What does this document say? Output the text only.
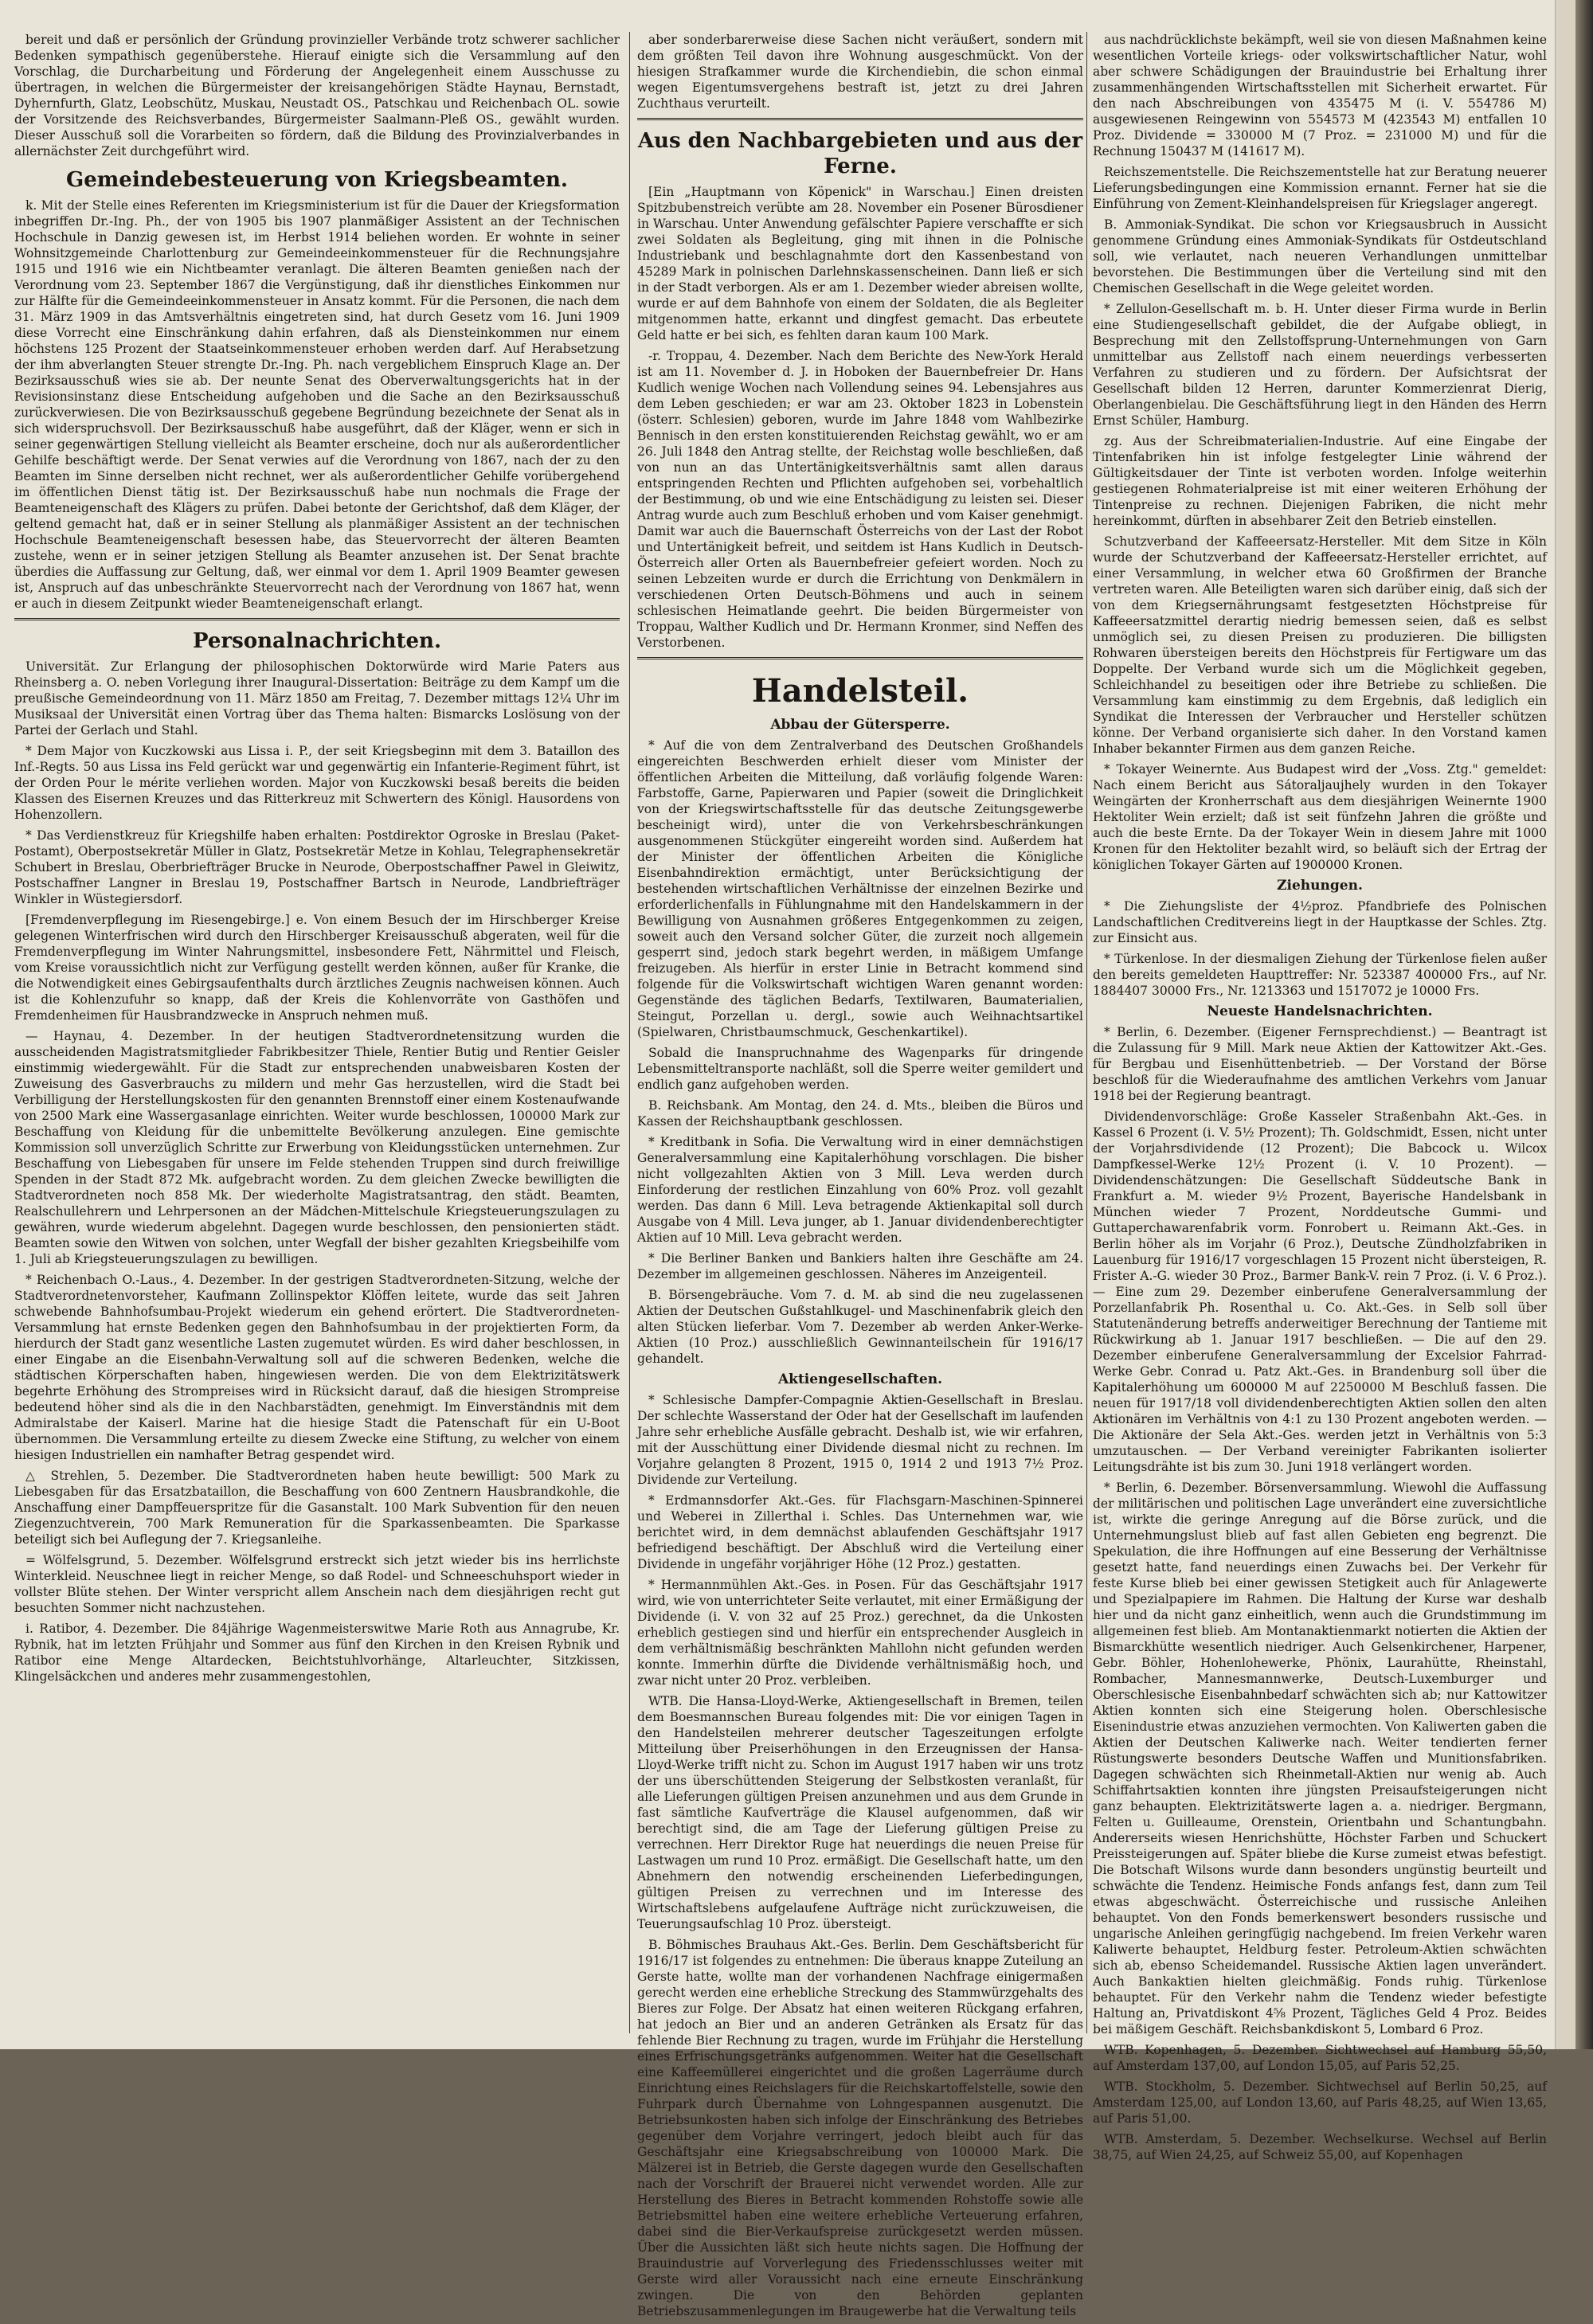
bereit und daß er persönlich der Gründung provinzieller Verbände trotz schwerer sachlicher Bedenken sympathisch gegenüberstehe. Hierauf einigte sich die Versammlung auf den Vorschlag, die Durcharbeitung und Förderung der Angelegenheit einem Ausschusse zu übertragen, in welchen die Bürgermeister der kreisangehörigen Städte Haynau, Bernstadt, Dyhernfurth, Glatz, Leobschütz, Muskau, Neustadt OS., Patschkau und Reichenbach OL. sowie der Vorsitzende des Reichsverbandes, Bürgermeister Saalmann-Pleß OS., gewählt wurden. Dieser Ausschuß soll die Vorarbeiten so fördern, daß die Bildung des Provinzialverbandes in allernächster Zeit durchgeführt wird.

Gemeindebesteuerung von Kriegsbeamten.

k. Mit der Stelle eines Referenten im Kriegsministerium ist für die Dauer der Kriegsformation inbegriffen Dr.-Ing. Ph., der von 1905 bis 1907 planmäßiger Assistent an der Technischen Hochschule in Danzig gewesen ist, im Herbst 1914 beliehen worden. Er wohnte in seiner Wohnsitzgemeinde Charlottenburg zur Gemeindeeinkommensteuer für die Rechnungsjahre 1915 und 1916 wie ein Nichtbeamter veranlagt. Die älteren Beamten genießen nach der Verordnung vom 23. September 1867 die Vergünstigung, daß ihr dienstliches Einkommen nur zur Hälfte für die Gemeindeeinkommensteuer in Ansatz kommt. Für die Personen, die nach dem 31. März 1909 in das Amtsverhältnis eingetreten sind, hat durch Gesetz vom 16. Juni 1909 diese Vorrecht eine Einschränkung dahin erfahren, daß als Diensteinkommen nur einem höchstens 125 Prozent der Staatseinkommensteuer erhoben werden darf. Auf Herabsetzung der ihm abverlangten Steuer strengte Dr.-Ing. Ph. nach vergeblichem Einspruch Klage an. Der Bezirksausschuß wies sie ab. Der neunte Senat des Oberverwaltungsgerichts hat in der Revisionsinstanz diese Entscheidung aufgehoben und die Sache an den Bezirksausschuß zurückverwiesen. Die von Bezirksausschuß gegebene Begründung bezeichnete der Senat als in sich widerspruchsvoll. Der Bezirksausschuß habe ausgeführt, daß der Kläger, wenn er sich in seiner gegenwärtigen Stellung vielleicht als Beamter erscheine, doch nur als außerordentlicher Gehilfe beschäftigt werde. Der Senat verwies auf die Verordnung von 1867, nach der zu den Beamten im Sinne derselben nicht rechnet, wer als außerordentlicher Gehilfe vorübergehend im öffentlichen Dienst tätig ist. Der Bezirksausschuß habe nun nochmals die Frage der Beamteneigenschaft des Klägers zu prüfen. Dabei betonte der Gerichtshof, daß dem Kläger, der geltend gemacht hat, daß er in seiner Stellung als planmäßiger Assistent an der technischen Hochschule Beamteneigenschaft besessen habe, das Steuervorrecht der älteren Beamten zustehe, wenn er in seiner jetzigen Stellung als Beamter anzusehen ist. Der Senat brachte überdies die Auffassung zur Geltung, daß, wer einmal vor dem 1. April 1909 Beamter gewesen ist, Anspruch auf das unbeschränkte Steuervorrecht nach der Verordnung von 1867 hat, wenn er auch in diesem Zeitpunkt wieder Beamteneigenschaft erlangt.

Personalnachrichten.

Universität. Zur Erlangung der philosophischen Doktorwürde wird Marie Paters aus Rheinsberg a. O. neben Vorlegung ihrer Inaugural-Dissertation: Beiträge zu dem Kampf um die preußische Gemeindeordnung von 11. März 1850 am Freitag, 7. Dezember mittags 12¼ Uhr im Musiksaal der Universität einen Vortrag über das Thema halten: Bismarcks Loslösung von der Partei der Gerlach und Stahl.

* Dem Major von Kuczkowski aus Lissa i. P., der seit Kriegsbeginn mit dem 3. Bataillon des Inf.-Regts. 50 aus Lissa ins Feld gerückt war und gegenwärtig ein Infanterie-Regiment führt, ist der Orden Pour le mérite verliehen worden. Major von Kuczkowski besaß bereits die beiden Klassen des Eisernen Kreuzes und das Ritterkreuz mit Schwertern des Königl. Hausordens von Hohenzollern.

* Das Verdienstkreuz für Kriegshilfe haben erhalten: Postdirektor Ogroske in Breslau (Paket-Postamt), Oberpostsekretär Müller in Glatz, Postsekretär Metze in Kohlau, Telegraphensekretär Schubert in Breslau, Oberbriefträger Brucke in Neurode, Oberpostschaffner Pawel in Gleiwitz, Postschaffner Langner in Breslau 19, Postschaffner Bartsch in Neurode, Landbriefträger Winkler in Wüstegiersdorf.

[Fremdenverpflegung im Riesengebirge.] e. Von einem Besuch der im Hirschberger Kreise gelegenen Winterfrischen wird durch den Hirschberger Kreisausschuß abgeraten, weil für die Fremdenverpflegung im Winter Nahrungsmittel, insbesondere Fett, Nährmittel und Fleisch, vom Kreise voraussichtlich nicht zur Verfügung gestellt werden können, außer für Kranke, die die Notwendigkeit eines Gebirgsaufenthalts durch ärztliches Zeugnis nachweisen können. Auch ist die Kohlenzufuhr so knapp, daß der Kreis die Kohlenvorräte von Gasthöfen und Fremdenheimen für Hausbrandzwecke in Anspruch nehmen muß.

— Haynau, 4. Dezember. In der heutigen Stadtverordnetensitzung wurden die ausscheidenden Magistratsmitglieder Fabrikbesitzer Thiele, Rentier Butig und Rentier Geisler einstimmig wiedergewählt. Für die Stadt zur entsprechenden unabweisbaren Kosten der Zuweisung des Gasverbrauchs zu mildern und mehr Gas herzustellen, wird die Stadt bei Verbilligung der Herstellungskosten für den genannten Brennstoff einer einem Kostenaufwande von 2500 Mark eine Wassergasanlage einrichten. Weiter wurde beschlossen, 100000 Mark zur Beschaffung von Kleidung für die unbemittelte Bevölkerung anzulegen. Eine gemischte Kommission soll unverzüglich Schritte zur Erwerbung von Kleidungsstücken unternehmen. Zur Beschaffung von Liebesgaben für unsere im Felde stehenden Truppen sind durch freiwillige Spenden in der Stadt 872 Mk. aufgebracht worden. Zu dem gleichen Zwecke bewilligten die Stadtverordneten noch 858 Mk. Der wiederholte Magistratsantrag, den städt. Beamten, Realschullehrern und Lehrpersonen an der Mädchen-Mittelschule Kriegsteuerungszulagen zu gewähren, wurde wiederum abgelehnt. Dagegen wurde beschlossen, den pensionierten städt. Beamten sowie den Witwen von solchen, unter Wegfall der bisher gezahlten Kriegsbeihilfe vom 1. Juli ab Kriegsteuerungszulagen zu bewilligen.

* Reichenbach O.-Laus., 4. Dezember. In der gestrigen Stadtverordneten-Sitzung, welche der Stadtverordnetenvorsteher, Kaufmann Zollinspektor Klöffen leitete, wurde das seit Jahren schwebende Bahnhofsumbau-Projekt wiederum ein gehend erörtert. Die Stadtverordneten-Versammlung hat ernste Bedenken gegen den Bahnhofsumbau in der projektierten Form, da hierdurch der Stadt ganz wesentliche Lasten zugemutet würden. Es wird daher beschlossen, in einer Eingabe an die Eisenbahn-Verwaltung soll auf die schweren Bedenken, welche die städtischen Körperschaften haben, hingewiesen werden. Die von dem Elektrizitätswerk begehrte Erhöhung des Strompreises wird in Rücksicht darauf, daß die hiesigen Strompreise bedeutend höher sind als die in den Nachbarstädten, genehmigt. Im Einverständnis mit dem Admiralstabe der Kaiserl. Marine hat die hiesige Stadt die Patenschaft für ein U-Boot übernommen. Die Versammlung erteilte zu diesem Zwecke eine Stiftung, zu welcher von einem hiesigen Industriellen ein namhafter Betrag gespendet wird.

△ Strehlen, 5. Dezember. Die Stadtverordneten haben heute bewilligt: 500 Mark zu Liebesgaben für das Ersatzbataillon, die Beschaffung von 600 Zentnern Hausbrandkohle, die Anschaffung einer Dampffeuerspritze für die Gasanstalt. 100 Mark Subvention für den neuen Ziegenzuchtverein, 700 Mark Remuneration für die Sparkassenbeamten. Die Sparkasse beteiligt sich bei Auflegung der 7. Kriegsanleihe.

= Wölfelsgrund, 5. Dezember. Wölfelsgrund erstreckt sich jetzt wieder bis ins herrlichste Winterkleid. Neuschnee liegt in reicher Menge, so daß Rodel- und Schneeschuhsport wieder in vollster Blüte stehen. Der Winter verspricht allem Anschein nach dem diesjährigen recht gut besuchten Sommer nicht nachzustehen.

i. Ratibor, 4. Dezember. Die 84jährige Wagenmeisterswitwe Marie Roth aus Annagrube, Kr. Rybnik, hat im letzten Frühjahr und Sommer aus fünf den Kirchen in den Kreisen Rybnik und Ratibor eine Menge Altardecken, Beichtstuhlvorhänge, Altarleuchter, Sitzkissen, Klingelsäckchen und anderes mehr zusammengestohlen,

aber sonderbarerweise diese Sachen nicht veräußert, sondern mit dem größten Teil davon ihre Wohnung ausgeschmückt. Von der hiesigen Strafkammer wurde die Kirchendiebin, die schon einmal wegen Eigentumsvergehens bestraft ist, jetzt zu drei Jahren Zuchthaus verurteilt.

Aus den Nachbargebieten und aus der Ferne.

[Ein „Hauptmann von Köpenick" in Warschau.] Einen dreisten Spitzbubenstreich verübte am 28. November ein Posener Bürosdiener in Warschau. Unter Anwendung gefälschter Papiere verschaffte er sich zwei Soldaten als Begleitung, ging mit ihnen in die Polnische Industriebank und beschlagnahmte dort den Kassenbestand von 45289 Mark in polnischen Darlehnskassenscheinen. Dann ließ er sich in der Stadt verborgen. Als er am 1. Dezember wieder abreisen wollte, wurde er auf dem Bahnhofe von einem der Soldaten, die als Begleiter mitgenommen hatte, erkannt und dingfest gemacht. Das erbeutete Geld hatte er bei sich, es fehlten daran kaum 100 Mark.

-r. Troppau, 4. Dezember. Nach dem Berichte des New-York Herald ist am 11. November d. J. in Hoboken der Bauernbefreier Dr. Hans Kudlich wenige Wochen nach Vollendung seines 94. Lebensjahres aus dem Leben geschieden; er war am 23. Oktober 1823 in Lobenstein (österr. Schlesien) geboren, wurde im Jahre 1848 vom Wahlbezirke Bennisch in den ersten konstituierenden Reichstag gewählt, wo er am 26. Juli 1848 den Antrag stellte, der Reichstag wolle beschließen, daß von nun an das Untertänigkeitsverhältnis samt allen daraus entspringenden Rechten und Pflichten aufgehoben sei, vorbehaltlich der Bestimmung, ob und wie eine Entschädigung zu leisten sei. Dieser Antrag wurde auch zum Beschluß erhoben und vom Kaiser genehmigt. Damit war auch die Bauernschaft Österreichs von der Last der Robot und Untertänigkeit befreit, und seitdem ist Hans Kudlich in Deutsch-Österreich aller Orten als Bauernbefreier gefeiert worden. Noch zu seinen Lebzeiten wurde er durch die Errichtung von Denkmälern in verschiedenen Orten Deutsch-Böhmens und auch in seinem schlesischen Heimatlande geehrt. Die beiden Bürgermeister von Troppau, Walther Kudlich und Dr. Hermann Kronmer, sind Neffen des Verstorbenen.

Handelsteil.
Abbau der Gütersperre.

* Auf die von dem Zentralverband des Deutschen Großhandels eingereichten Beschwerden erhielt dieser vom Minister der öffentlichen Arbeiten die Mitteilung, daß vorläufig folgende Waren: Farbstoffe, Garne, Papierwaren und Papier (soweit die Dringlichkeit von der Kriegswirtschaftsstelle für das deutsche Zeitungsgewerbe bescheinigt wird), unter die von Verkehrsbeschränkungen ausgenommenen Stückgüter eingereiht worden sind. Außerdem hat der Minister der öffentlichen Arbeiten die Königliche Eisenbahndirektion ermächtigt, unter Berücksichtigung der bestehenden wirtschaftlichen Verhältnisse der einzelnen Bezirke und erforderlichenfalls in Fühlungnahme mit den Handelskammern in der Bewilligung von Ausnahmen größeres Entgegenkommen zu zeigen, soweit auch den Versand solcher Güter, die zurzeit noch allgemein gesperrt sind, jedoch stark begehrt werden, in mäßigem Umfange freizugeben. Als hierfür in erster Linie in Betracht kommend sind folgende für die Volkswirtschaft wichtigen Waren genannt worden: Gegenstände des täglichen Bedarfs, Textilwaren, Baumaterialien, Steingut, Porzellan u. dergl., sowie auch Weihnachtsartikel (Spielwaren, Christbaumschmuck, Geschenkartikel).

Sobald die Inanspruchnahme des Wagenparks für dringende Lebensmitteltransporte nachläßt, soll die Sperre weiter gemildert und endlich ganz aufgehoben werden.

B. Reichsbank. Am Montag, den 24. d. Mts., bleiben die Büros und Kassen der Reichshauptbank geschlossen.

* Kreditbank in Sofia. Die Verwaltung wird in einer demnächstigen Generalversammlung eine Kapitalerhöhung vorschlagen. Die bisher nicht vollgezahlten Aktien von 3 Mill. Leva werden durch Einforderung der restlichen Einzahlung von 60% Proz. voll gezahlt werden. Das dann 6 Mill. Leva betragende Aktienkapital soll durch Ausgabe von 4 Mill. Leva junger, ab 1. Januar dividendenberechtigter Aktien auf 10 Mill. Leva gebracht werden.

* Die Berliner Banken und Bankiers halten ihre Geschäfte am 24. Dezember im allgemeinen geschlossen. Näheres im Anzeigenteil.

B. Börsengebräuche. Vom 7. d. M. ab sind die neu zugelassenen Aktien der Deutschen Gußstahlkugel- und Maschinenfabrik gleich den alten Stücken lieferbar. Vom 7. Dezember ab werden Anker-Werke-Aktien (10 Proz.) ausschließlich Gewinnanteilschein für 1916/17 gehandelt.

Aktiengesellschaften.

* Schlesische Dampfer-Compagnie Aktien-Gesellschaft in Breslau. Der schlechte Wasserstand der Oder hat der Gesellschaft im laufenden Jahre sehr erhebliche Ausfälle gebracht. Deshalb ist, wie wir erfahren, mit der Ausschüttung einer Dividende diesmal nicht zu rechnen. Im Vorjahre gelangten 8 Prozent, 1915 0, 1914 2 und 1913 7½ Proz. Dividende zur Verteilung.

* Erdmannsdorfer Akt.-Ges. für Flachsgarn-Maschinen-Spinnerei und Weberei in Zillerthal i. Schles. Das Unternehmen war, wie berichtet wird, in dem demnächst ablaufenden Geschäftsjahr 1917 befriedigend beschäftigt. Der Abschluß wird die Verteilung einer Dividende in ungefähr vorjähriger Höhe (12 Proz.) gestatten.

* Hermannmühlen Akt.-Ges. in Posen. Für das Geschäftsjahr 1917 wird, wie von unterrichteter Seite verlautet, mit einer Ermäßigung der Dividende (i. V. von 32 auf 25 Proz.) gerechnet, da die Unkosten erheblich gestiegen sind und hierfür ein entsprechender Ausgleich in dem verhältnismäßig beschränkten Mahllohn nicht gefunden werden konnte. Immerhin dürfte die Dividende verhältnismäßig hoch, und zwar nicht unter 20 Proz. verbleiben.

WTB. Die Hansa-Lloyd-Werke, Aktiengesellschaft in Bremen, teilen dem Boesmannschen Bureau folgendes mit: Die vor einigen Tagen in den Handelsteilen mehrerer deutscher Tageszeitungen erfolgte Mitteilung über Preiserhöhungen in den Erzeugnissen der Hansa-Lloyd-Werke trifft nicht zu. Schon im August 1917 haben wir uns trotz der uns überschüttenden Steigerung der Selbstkosten veranlaßt, für alle Lieferungen gültigen Preisen anzunehmen und aus dem Grunde in fast sämtliche Kaufverträge die Klausel aufgenommen, daß wir berechtigt sind, die am Tage der Lieferung gültigen Preise zu verrechnen. Herr Direktor Ruge hat neuerdings die neuen Preise für Lastwagen um rund 10 Proz. ermäßigt. Die Gesellschaft hatte, um den Abnehmern den notwendig erscheinenden Lieferbedingungen, gültigen Preisen zu verrechnen und im Interesse des Wirtschaftslebens aufgelaufene Aufträge nicht zurückzuweisen, die Teuerungsaufschlag 10 Proz. übersteigt.

B. Böhmisches Brauhaus Akt.-Ges. Berlin. Dem Geschäftsbericht für 1916/17 ist folgendes zu entnehmen: Die überaus knappe Zuteilung an Gerste hatte, wollte man der vorhandenen Nachfrage einigermaßen gerecht werden eine erhebliche Streckung des Stammwürzgehalts des Bieres zur Folge. Der Absatz hat einen weiteren Rückgang erfahren, hat jedoch an Bier und an anderen Getränken als Ersatz für das fehlende Bier Rechnung zu tragen, wurde im Frühjahr die Herstellung eines Erfrischungsgetränks aufgenommen. Weiter hat die Gesellschaft eine Kaffeemüllerei eingerichtet und die großen Lagerräume durch Einrichtung eines Reichslagers für die Reichskartoffelstelle, sowie den Fuhrpark durch Übernahme von Lohngespannen ausgenutzt. Die Betriebsunkosten haben sich infolge der Einschränkung des Betriebes gegenüber dem Vorjahre verringert, jedoch bleibt auch für das Geschäftsjahr eine Kriegsabschreibung von 100000 Mark. Die Mälzerei ist in Betrieb, die Gerste dagegen wurde den Gesellschaften nach der Vorschrift der Brauerei nicht verwendet worden. Alle zur Herstellung des Bieres in Betracht kommenden Rohstoffe sowie alle Betriebsmittel haben eine weitere erhebliche Verteuerung erfahren, dabei sind die Bier-Verkaufspreise zurückgesetzt werden müssen. Über die Aussichten läßt sich heute nichts sagen. Die Hoffnung der Brauindustrie auf Vorverlegung des Friedensschlusses weiter mit Gerste wird aller Voraussicht nach eine erneute Einschränkung zwingen. Die von den Behörden geplanten Betriebszusammenlegungen im Braugewerbe hat die Verwaltung teils

aus nachdrücklichste bekämpft, weil sie von diesen Maßnahmen keine wesentlichen Vorteile kriegs- oder volkswirtschaftlicher Natur, wohl aber schwere Schädigungen der Brauindustrie bei Erhaltung ihrer zusammenhängenden Wirtschaftsstellen mit Sicherheit erwartet. Für den nach Abschreibungen von 435475 M (i. V. 554786 M) ausgewiesenen Reingewinn von 554573 M (423543 M) entfallen 10 Proz. Dividende = 330000 M (7 Proz. = 231000 M) und für die Rechnung 150437 M (141617 M).

Reichszementstelle. Die Reichszementstelle hat zur Beratung neuerer Lieferungsbedingungen eine Kommission ernannt. Ferner hat sie die Einführung von Zement-Kleinhandelspreisen für Kriegslager angeregt.

B. Ammoniak-Syndikat. Die schon vor Kriegsausbruch in Aussicht genommene Gründung eines Ammoniak-Syndikats für Ostdeutschland soll, wie verlautet, nach neueren Verhandlungen unmittelbar bevorstehen. Die Bestimmungen über die Verteilung sind mit den Chemischen Gesellschaft in die Wege geleitet worden.

* Zellulon-Gesellschaft m. b. H. Unter dieser Firma wurde in Berlin eine Studiengesellschaft gebildet, die der Aufgabe obliegt, in Besprechung mit den Zellstoffsprung-Unternehmungen von Garn unmittelbar aus Zellstoff nach einem neuerdings verbesserten Verfahren zu studieren und zu fördern. Der Aufsichtsrat der Gesellschaft bilden 12 Herren, darunter Kommerzienrat Dierig, Oberlangenbielau. Die Geschäftsführung liegt in den Händen des Herrn Ernst Schüler, Hamburg.

zg. Aus der Schreibmaterialien-Industrie. Auf eine Eingabe der Tintenfabriken hin ist infolge festgelegter Linie während der Gültigkeitsdauer der Tinte ist verboten worden. Infolge weiterhin gestiegenen Rohmaterialpreise ist mit einer weiteren Erhöhung der Tintenpreise zu rechnen. Diejenigen Fabriken, die nicht mehr hereinkommt, dürften in absehbarer Zeit den Betrieb einstellen.

Schutzverband der Kaffeeersatz-Hersteller. Mit dem Sitze in Köln wurde der Schutzverband der Kaffeeersatz-Hersteller errichtet, auf einer Versammlung, in welcher etwa 60 Großfirmen der Branche vertreten waren. Alle Beteiligten waren sich darüber einig, daß sich der von dem Kriegsernährungsamt festgesetzten Höchstpreise für Kaffeeersatzmittel derartig niedrig bemessen seien, daß es selbst unmöglich sei, zu diesen Preisen zu produzieren. Die billigsten Rohwaren übersteigen bereits den Höchstpreis für Fertigware um das Doppelte. Der Verband wurde sich um die Möglichkeit gegeben, Schleichhandel zu beseitigen oder ihre Betriebe zu schließen. Die Versammlung kam einstimmig zu dem Ergebnis, daß lediglich ein Syndikat die Interessen der Verbraucher und Hersteller schützen könne. Der Verband organisierte sich daher. In den Vorstand kamen Inhaber bekannter Firmen aus dem ganzen Reiche.

* Tokayer Weinernte. Aus Budapest wird der „Voss. Ztg." gemeldet: Nach einem Bericht aus Sátoraljaujhely wurden in den Tokayer Weingärten der Kronherrschaft aus dem diesjährigen Weinernte 1900 Hektoliter Wein erzielt; daß ist seit fünfzehn Jahren die größte und auch die beste Ernte. Da der Tokayer Wein in diesem Jahre mit 1000 Kronen für den Hektoliter bezahlt wird, so beläuft sich der Ertrag der königlichen Tokayer Gärten auf 1900000 Kronen.

Ziehungen.

* Die Ziehungsliste der 4½proz. Pfandbriefe des Polnischen Landschaftlichen Creditvereins liegt in der Hauptkasse der Schles. Ztg. zur Einsicht aus.

* Türkenlose. In der diesmaligen Ziehung der Türkenlose fielen außer den bereits gemeldeten Haupttreffer: Nr. 523387 400000 Frs., auf Nr. 1884407 30000 Frs., Nr. 1213363 und 1517072 je 10000 Frs.

Neueste Handelsnachrichten.

* Berlin, 6. Dezember. (Eigener Fernsprechdienst.) — Beantragt ist die Zulassung für 9 Mill. Mark neue Aktien der Kattowitzer Akt.-Ges. für Bergbau und Eisenhüttenbetrieb. — Der Vorstand der Börse beschloß für die Wiederaufnahme des amtlichen Verkehrs vom Januar 1918 bei der Regierung beantragt.

Dividendenvorschläge: Große Kasseler Straßenbahn Akt.-Ges. in Kassel 6 Prozent (i. V. 5½ Prozent); Th. Goldschmidt, Essen, nicht unter der Vorjahrsdividende (12 Prozent); Die Babcock u. Wilcox Dampfkessel-Werke 12½ Prozent (i. V. 10 Prozent). — Dividendenschätzungen: Die Gesellschaft Süddeutsche Bank in Frankfurt a. M. wieder 9½ Prozent, Bayerische Handelsbank in München wieder 7 Prozent, Norddeutsche Gummi- und Guttaperchawarenfabrik vorm. Fonrobert u. Reimann Akt.-Ges. in Berlin höher als im Vorjahr (6 Proz.), Deutsche Zündholzfabriken in Lauenburg für 1916/17 vorgeschlagen 15 Prozent nicht übersteigen, R. Frister A.-G. wieder 30 Proz., Barmer Bank-V. rein 7 Proz. (i. V. 6 Proz.). — Eine zum 29. Dezember einberufene Generalversammlung der Porzellanfabrik Ph. Rosenthal u. Co. Akt.-Ges. in Selb soll über Statutenänderung betreffs anderweitiger Berechnung der Tantieme mit Rückwirkung ab 1. Januar 1917 beschließen. — Die auf den 29. Dezember einberufene Generalversammlung der Excelsior Fahrrad-Werke Gebr. Conrad u. Patz Akt.-Ges. in Brandenburg soll über die Kapitalerhöhung um 600000 M auf 2250000 M Beschluß fassen. Die neuen für 1917/18 voll dividendenberechtigten Aktien sollen den alten Aktionären im Verhältnis von 4:1 zu 130 Prozent angeboten werden. — Die Aktionäre der Sela Akt.-Ges. werden jetzt in Verhältnis von 5:3 umzutauschen. — Der Verband vereinigter Fabrikanten isolierter Leitungsdrähte ist bis zum 30. Juni 1918 verlängert worden.

* Berlin, 6. Dezember. Börsenversammlung. Wiewohl die Auffassung der militärischen und politischen Lage unverändert eine zuversichtliche ist, wirkte die geringe Anregung auf die Börse zurück, und die Unternehmungslust blieb auf fast allen Gebieten eng begrenzt. Die Spekulation, die ihre Hoffnungen auf eine Besserung der Verhältnisse gesetzt hatte, fand neuerdings einen Zuwachs bei. Der Verkehr für feste Kurse blieb bei einer gewissen Stetigkeit auch für Anlagewerte und Spezialpapiere im Rahmen. Die Haltung der Kurse war deshalb hier und da nicht ganz einheitlich, wenn auch die Grundstimmung im allgemeinen fest blieb. Am Montanaktienmarkt notierten die Aktien der Bismarckhütte wesentlich niedriger. Auch Gelsenkirchener, Harpener, Gebr. Böhler, Hohenlohewerke, Phönix, Laurahütte, Rheinstahl, Rombacher, Mannesmannwerke, Deutsch-Luxemburger und Oberschlesische Eisenbahnbedarf schwächten sich ab; nur Kattowitzer Aktien konnten sich eine Steigerung holen. Oberschlesische Eisenindustrie etwas anzuziehen vermochten. Von Kaliwerten gaben die Aktien der Deutschen Kaliwerke nach. Weiter tendierten ferner Rüstungswerte besonders Deutsche Waffen und Munitionsfabriken. Dagegen schwächten sich Rheinmetall-Aktien nur wenig ab. Auch Schiffahrtsaktien konnten ihre jüngsten Preisaufsteigerungen nicht ganz behaupten. Elektrizitätswerte lagen a. a. niedriger. Bergmann, Felten u. Guilleaume, Orenstein, Orientbahn und Schantungbahn. Andererseits wiesen Henrichshütte, Höchster Farben und Schuckert Preissteigerungen auf. Später bliebe die Kurse zumeist etwas befestigt. Die Botschaft Wilsons wurde dann besonders ungünstig beurteilt und schwächte die Tendenz. Heimische Fonds anfangs fest, dann zum Teil etwas abgeschwächt. Österreichische und russische Anleihen behauptet. Von den Fonds bemerkenswert besonders russische und ungarische Anleihen geringfügig nachgebend. Im freien Verkehr waren Kaliwerte behauptet, Heldburg fester. Petroleum-Aktien schwächten sich ab, ebenso Scheidemandel. Russische Aktien lagen unverändert. Auch Bankaktien hielten gleichmäßig. Fonds ruhig. Türkenlose behauptet. Für den Verkehr nahm die Tendenz wieder befestigte Haltung an, Privatdiskont 4⅝ Prozent, Tägliches Geld 4 Proz. Beides bei mäßigem Geschäft. Reichsbankdiskont 5, Lombard 6 Proz.

WTB. Kopenhagen, 5. Dezember. Sichtwechsel auf Hamburg 55,50, auf Amsterdam 137,00, auf London 15,05, auf Paris 52,25.

WTB. Stockholm, 5. Dezember. Sichtwechsel auf Berlin 50,25, auf Amsterdam 125,00, auf London 13,60, auf Paris 48,25, auf Wien 13,65, auf Paris 51,00.

WTB. Amsterdam, 5. Dezember. Wechselkurse. Wechsel auf Berlin 38,75, auf Wien 24,25, auf Schweiz 55,00, auf Kopenhagen
